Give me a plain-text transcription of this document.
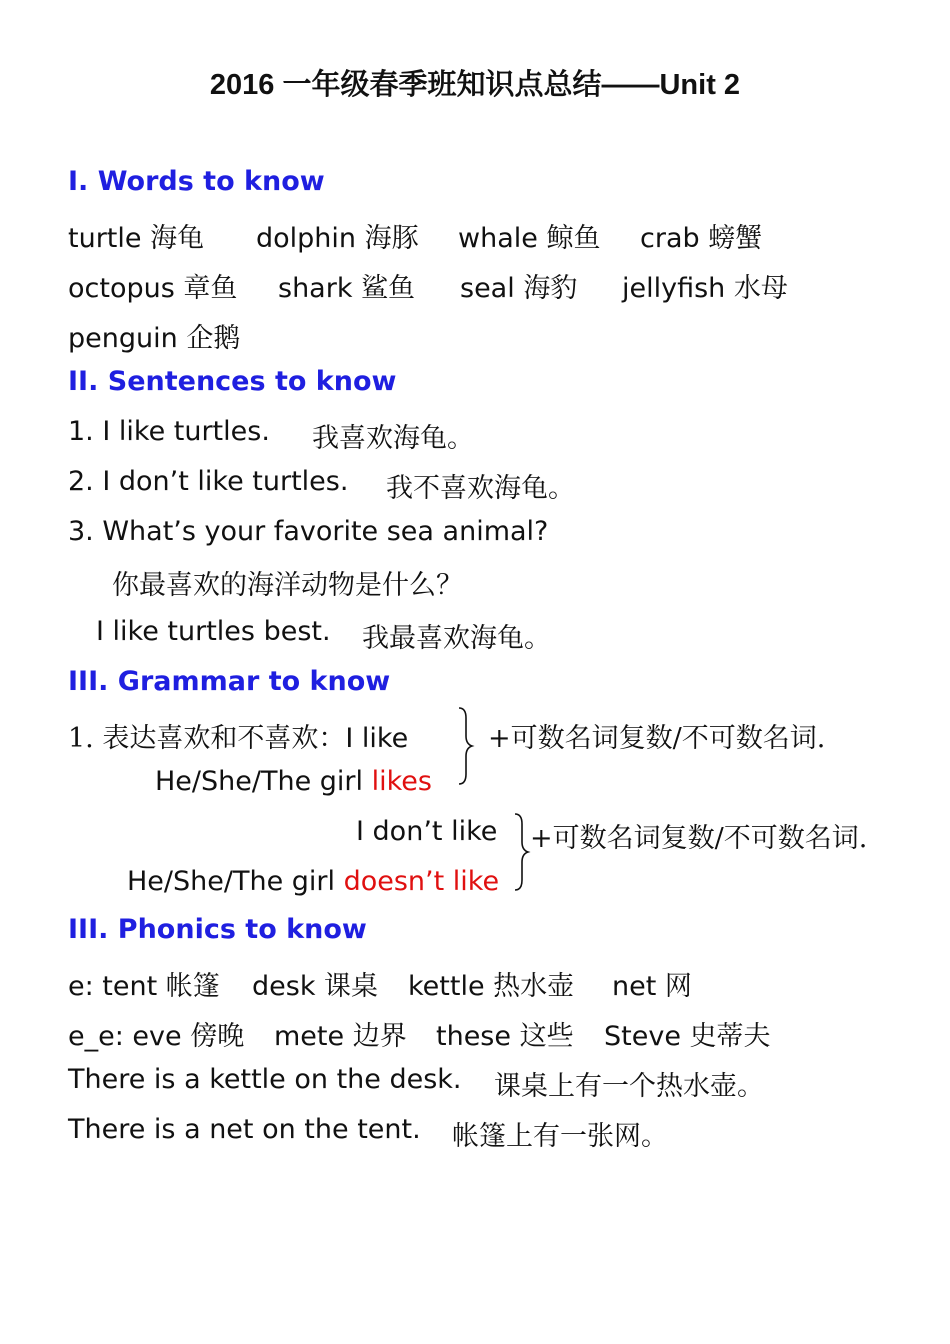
2016 一年级春季班知识点总结——Unit 2
I. Words to know
turtle 海龟 dolphin 海豚 whale 鲸鱼 crab 螃蟹
octopus 章鱼 shark 鲨鱼 seal 海豹 jellyfish 水母
penguin 企鹅
II. Sentences to know
1. I like turtles. 我喜欢海龟。
2. I don’t like turtles. 我不喜欢海龟。
3. What’s your favorite sea animal?
你最喜欢的海洋动物是什么？
I like turtles best. 我最喜欢海龟。
III. Grammar to know
1. 表达喜欢和不喜欢：I like
He/She/The girl likes
+可数名词复数/不可数名词.
I don’t like
He/She/The girl doesn’t like
+可数名词复数/不可数名词.
III. Phonics to know
e: tent 帐篷 desk 课桌 kettle 热水壶 net 网
e_e: eve 傍晚 mete 边界 these 这些 Steve 史蒂夫
There is a kettle on the desk. 课桌上有一个热水壶。
There is a net on the tent. 帐篷上有一张网。
